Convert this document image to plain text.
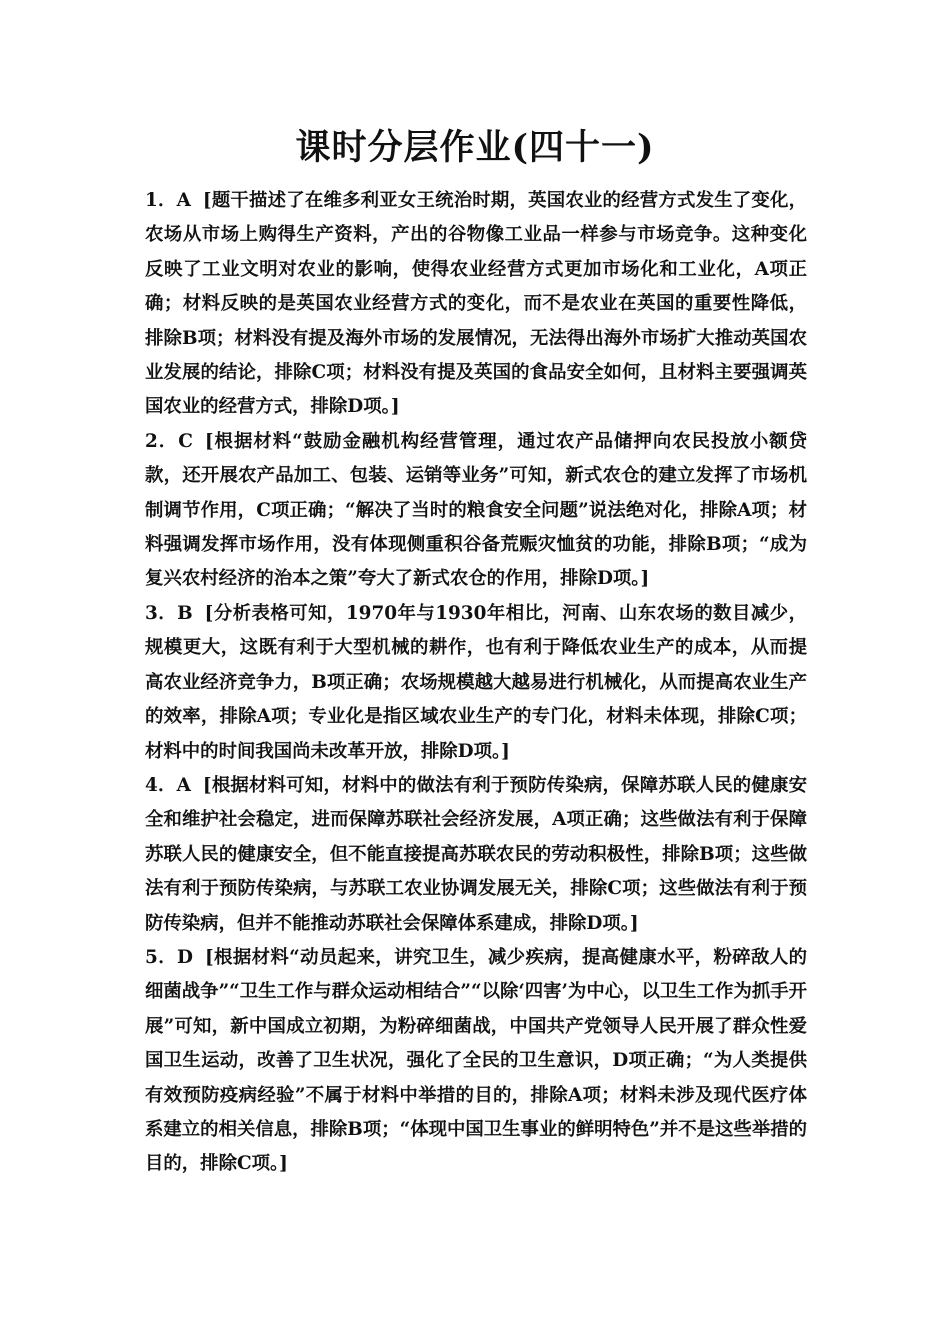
课时分层作业(四十一)

1．A [题干描述了在维多利亚女王统治时期，英国农业的经营方式发生了变化，农场从市场上购得生产资料，产出的谷物像工业品一样参与市场竞争。这种变化反映了工业文明对农业的影响，使得农业经营方式更加市场化和工业化，A项正确；材料反映的是英国农业经营方式的变化，而不是农业在英国的重要性降低，排除B项；材料没有提及海外市场的发展情况，无法得出海外市场扩大推动英国农业发展的结论，排除C项；材料没有提及英国的食品安全如何，且材料主要强调英国农业的经营方式，排除D项。]

2．C [根据材料“鼓励金融机构经营管理，通过农产品储押向农民投放小额贷款，还开展农产品加工、包装、运销等业务”可知，新式农仓的建立发挥了市场机制调节作用，C项正确；“解决了当时的粮食安全问题”说法绝对化，排除A项；材料强调发挥市场作用，没有体现侧重积谷备荒赈灾恤贫的功能，排除B项；“成为复兴农村经济的治本之策”夸大了新式农仓的作用，排除D项。]

3．B [分析表格可知，1970年与1930年相比，河南、山东农场的数目减少，规模更大，这既有利于大型机械的耕作，也有利于降低农业生产的成本，从而提高农业经济竞争力，B项正确；农场规模越大越易进行机械化，从而提高农业生产的效率，排除A项；专业化是指区域农业生产的专门化，材料未体现，排除C项；材料中的时间我国尚未改革开放，排除D项。]

4．A [根据材料可知，材料中的做法有利于预防传染病，保障苏联人民的健康安全和维护社会稳定，进而保障苏联社会经济发展，A项正确；这些做法有利于保障苏联人民的健康安全，但不能直接提高苏联农民的劳动积极性，排除B项；这些做法有利于预防传染病，与苏联工农业协调发展无关，排除C项；这些做法有利于预防传染病，但并不能推动苏联社会保障体系建成，排除D项。]

5．D [根据材料“动员起来，讲究卫生，减少疾病，提高健康水平，粉碎敌人的细菌战争”“卫生工作与群众运动相结合”“以除‘四害’为中心，以卫生工作为抓手开展”可知，新中国成立初期，为粉碎细菌战，中国共产党领导人民开展了群众性爱国卫生运动，改善了卫生状况，强化了全民的卫生意识，D项正确；“为人类提供有效预防疫病经验”不属于材料中举措的目的，排除A项；材料未涉及现代医疗体系建立的相关信息，排除B项；“体现中国卫生事业的鲜明特色”并不是这些举措的目的，排除C项。]
